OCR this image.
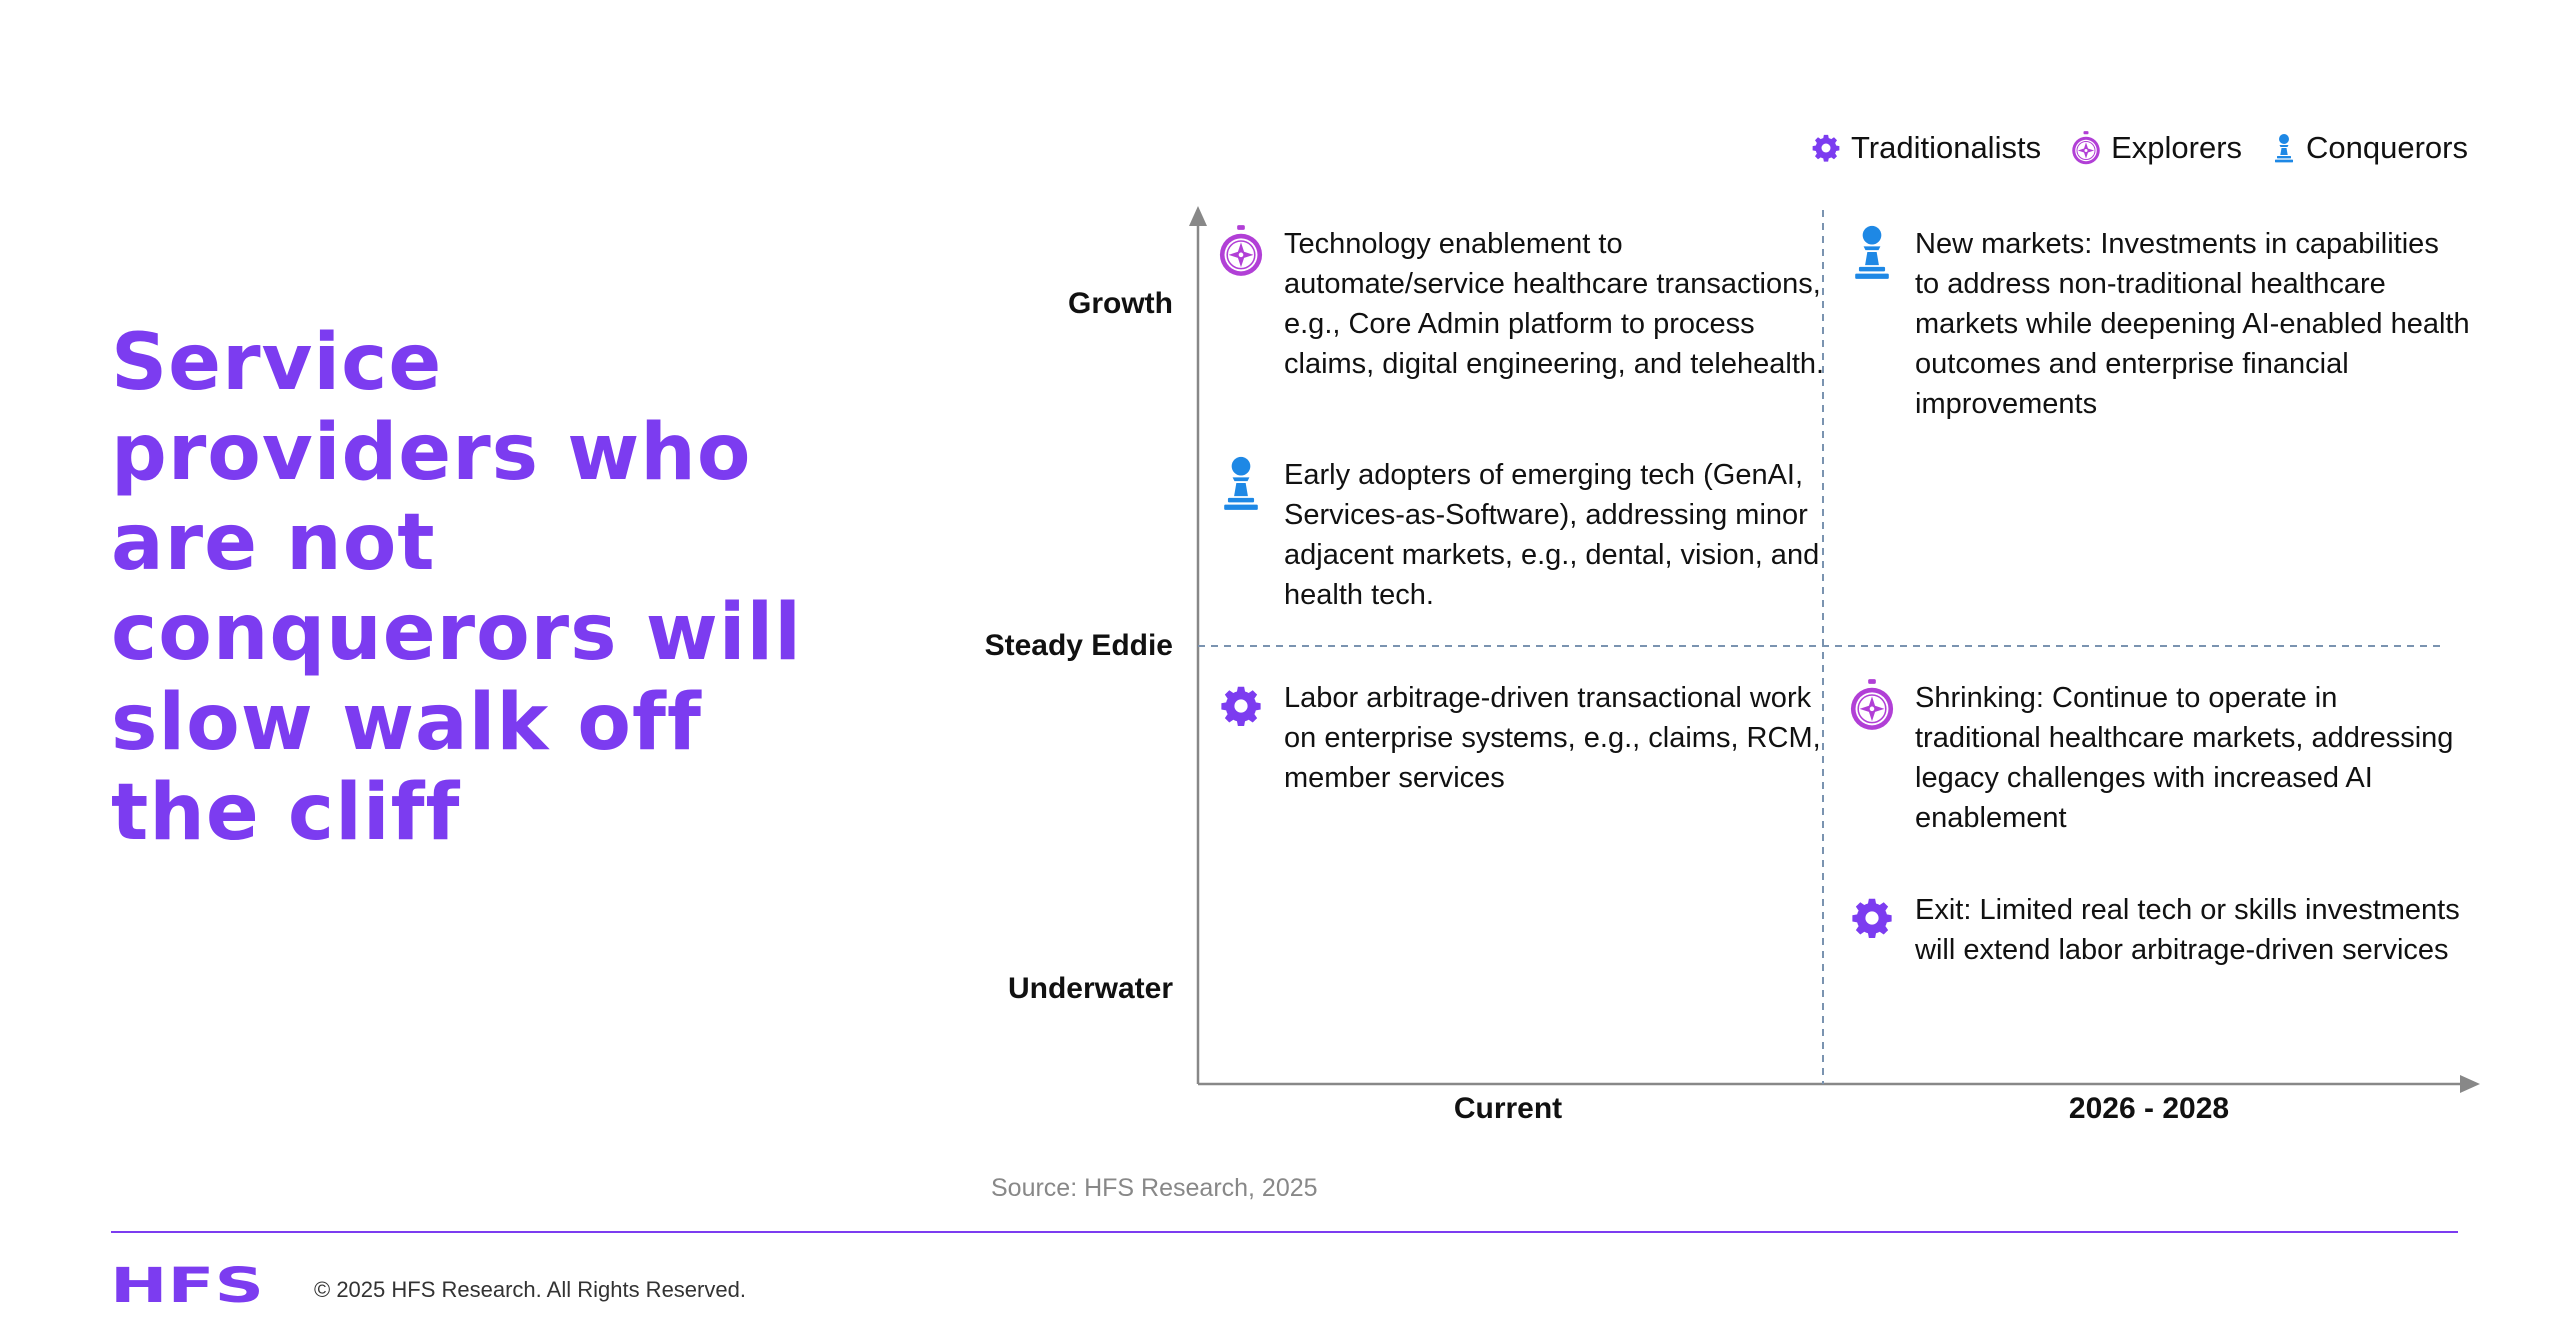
Service providers who are not conquerors will slow walk off the cliff
Traditionalists Explorers Conquerors
Growth
Steady Eddie
Underwater
Current	2026 - 2028
Technology enablement to automate/service healthcare transactions, e.g., Core Admin platform to process claims, digital engineering, and telehealth.
Early adopters of emerging tech (GenAI, Services-as-Software), addressing minor adjacent markets, e.g., dental, vision, and health tech.
Labor arbitrage-driven transactional work on enterprise systems, e.g., claims, RCM, member services
New markets: Investments in capabilities to address non-traditional healthcare markets while deepening AI-enabled health outcomes and enterprise financial improvements
Shrinking: Continue to operate in traditional healthcare markets, addressing legacy challenges with increased AI enablement
Exit: Limited real tech or skills investments will extend labor arbitrage-driven services
Source: HFS Research, 2025
HFS © 2025 HFS Research. All Rights Reserved.
